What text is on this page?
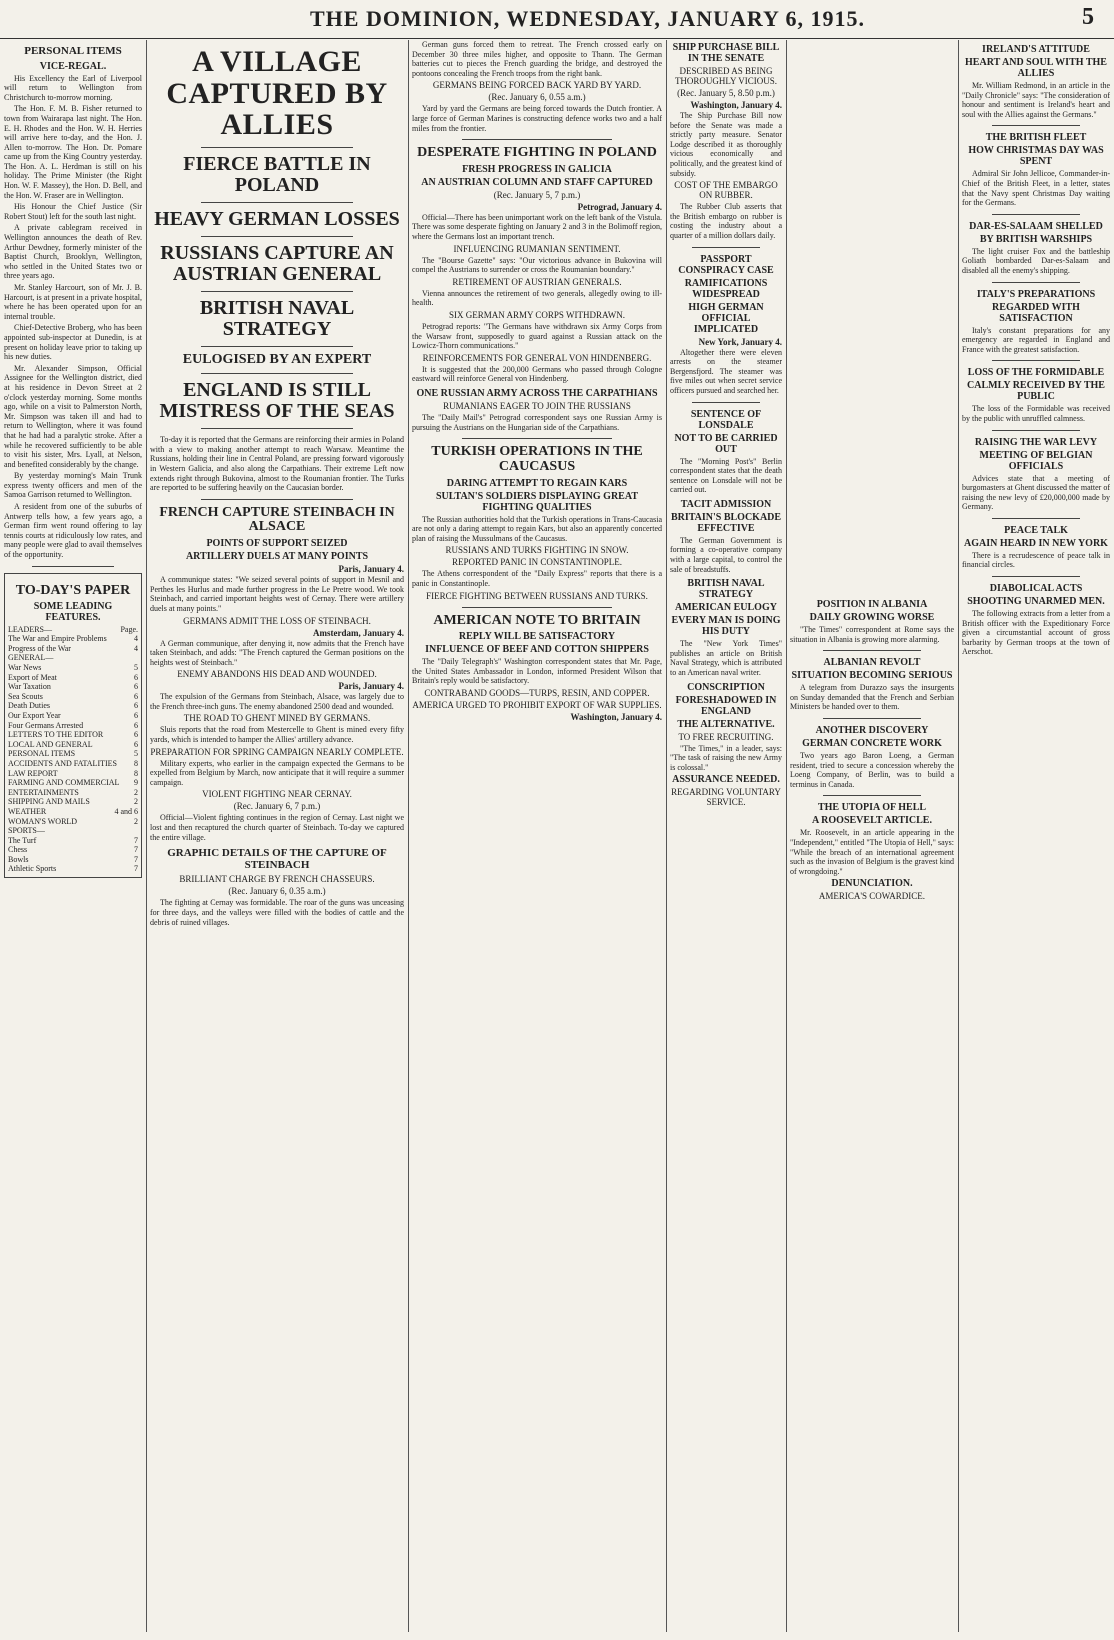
THE DOMINION, WEDNESDAY, JANUARY 6, 1915.	5
PERSONAL ITEMS
VICE-REGAL.

His Excellency the Earl of Liverpool will return to Wellington from Christchurch to-morrow morning.

The Hon. F. M. B. Fisher returned to town from Wairarapa last night. The Hon. E. H. Rhodes and the Hon. W. H. Herries will arrive here to-day, and the Hon. J. Allen to-morrow. The Hon. Dr. Pomare came up from the King Country yesterday. The Hon. A. L. Herdman is still on his holiday. The Prime Minister (the Right Hon. W. F. Massey), the Hon. D. Bell, and the Hon. W. Fraser are in Wellington.

His Honour the Chief Justice (Sir Robert Stout) left for the south last night.

A private cablegram received in Wellington announces the death of Rev. Arthur Dewdney, formerly minister of the Baptist Church, Brooklyn, Wellington, who settled in the United States two or three years ago.

Mr. Stanley Harcourt, son of Mr. J. B. Harcourt, is at present in a private hospital, where he has been operated upon for an internal trouble.

Chief-Detective Broberg, who has been appointed sub-inspector at Dunedin, is at present on holiday leave prior to taking up his new duties.

Mr. Alexander Simpson, Official Assignee for the Wellington district, died at his residence in Devon Street at 2 o'clock yesterday morning. Some months ago, while on a visit to Palmerston North, Mr. Simpson was taken ill and had to return to Wellington, where it was found that he had had a paralytic stroke. After a while he recovered sufficiently to be able to visit his sister, Mrs. Lyall, at Nelson, and benefited considerably by the change.

By yesterday morning's Main Trunk express twenty officers and men of the Samoa Garrison returned to Wellington.

A resident from one of the suburbs of Antwerp tells how, a few years ago, a German firm went round offering to lay tennis courts at ridiculously low rates, and many people were glad to avail themselves of the opportunity.

TO-DAY'S PAPER
SOME LEADING FEATURES.
LEADERS—	Page.
The War and Empire Problems	4
Progress of the War	4
GENERAL—
War News	5
Export of Meat	6
War Taxation	6
Sea Scouts	6
Death Duties	6
Our Export Year	6
Four Germans Arrested	6
LETTERS TO THE EDITOR	6
LOCAL AND GENERAL	6
PERSONAL ITEMS	5
ACCIDENTS AND FATALITIES 8
LAW REPORT	8
FARMING AND COMMERCIAL 9
ENTERTAINMENTS	2
SHIPPING AND MAILS	2
WEATHER	4 and 6
WOMAN'S WORLD	2
SPORTS—
The Turf	7
Chess	7
Bowls	7
Athletic Sports	7
A VILLAGE CAPTURED BY ALLIES
FIERCE BATTLE IN POLAND
HEAVY GERMAN LOSSES
RUSSIANS CAPTURE AN AUSTRIAN GENERAL
BRITISH NAVAL STRATEGY
EULOGISED BY AN EXPERT
ENGLAND IS STILL MISTRESS OF THE SEAS

To-day it is reported that the Germans are reinforcing their armies in Poland with a view to making another attempt to reach Warsaw. Meantime the Russians, holding their line in Central Poland, are pressing forward vigorously in Western Galicia, and also along the Carpathians. Their extreme Left now extends right through Bukovina, almost to the Roumanian frontier. The Turks are reported to be suffering heavily on the Caucasian border.

FRENCH CAPTURE STEINBACH IN ALSACE
POINTS OF SUPPORT SEIZED
ARTILLERY DUELS AT MANY POINTS
Paris, January 4.

A communique states: "We seized several points of support in Mesnil and Perthes les Hurlus and made further progress in the Le Pretre wood. We took Steinbach, and carried important heights west of Cernay. There were artillery duels at many points."

GERMANS ADMIT THE LOSS OF STEINBACH.
Amsterdam, January 4.

A German communique, after denying it, now admits that the French have taken Steinbach, and adds: "The French captured the German positions on the heights west of Steinbach."

ENEMY ABANDONS HIS DEAD AND WOUNDED.
Paris, January 4.

The expulsion of the Germans from Steinbach, Alsace, was largely due to the French three-inch guns. The enemy abandoned 2500 dead and wounded.

THE ROAD TO GHENT MINED BY GERMANS.

Sluis reports that the road from Mestercelle to Ghent is mined every fifty yards, which is intended to hamper the Allies' artillery advance.

PREPARATION FOR SPRING CAMPAIGN NEARLY COMPLETE.

Military experts, who earlier in the campaign expected the Germans to be expelled from Belgium by March, now anticipate that it will require a summer campaign.

VIOLENT FIGHTING NEAR CERNAY.
(Rec. January 6, 7 p.m.)

Official—Violent fighting continues in the region of Cernay. Last night we lost and then recaptured the church quarter of Steinbach. To-day we captured the entire village.

GRAPHIC DETAILS OF THE CAPTURE OF STEINBACH
BRILLIANT CHARGE BY FRENCH CHASSEURS.
(Rec. January 6, 0.35 a.m.)

The fighting at Cernay was formidable. The roar of the guns was unceasing for three days, and the valleys were filled with the bodies of cattle and the debris of ruined villages.

German guns forced them to retreat. The French crossed early on December 30 three miles higher, and opposite to Thann. The German batteries cut to pieces the French guarding the bridge, and destroyed the pontoons concealing the French troops from the right bank.

GERMANS BEING FORCED BACK YARD BY YARD.
(Rec. January 6, 0.55 a.m.)

Yard by yard the Germans are being forced towards the Dutch frontier. A large force of German Marines is constructing defence works two and a half miles from the frontier.

DESPERATE FIGHTING IN POLAND
FRESH PROGRESS IN GALICIA
AN AUSTRIAN COLUMN AND STAFF CAPTURED
(Rec. January 5, 7 p.m.)
Petrograd, January 4.

Official—There has been unimportant work on the left bank of the Vistula. There was some desperate fighting on January 2 and 3 in the Bolimoff region, where the Germans lost an important trench.

INFLUENCING RUMANIAN SENTIMENT.

The "Bourse Gazette" says: "Our victorious advance in Bukovina will compel the Austrians to surrender or cross the Roumanian boundary."

RETIREMENT OF AUSTRIAN GENERALS.

Vienna announces the retirement of two generals, allegedly owing to ill-health.

SIX GERMAN ARMY CORPS WITHDRAWN.

Petrograd reports: "The Germans have withdrawn six Army Corps from the Warsaw front, supposedly to guard against a Russian attack on the Lowicz-Thorn communications."

REINFORCEMENTS FOR GENERAL VON HINDENBERG.

It is suggested that the 200,000 Germans who passed through Cologne eastward will reinforce General von Hindenberg.

ONE RUSSIAN ARMY ACROSS THE CARPATHIANS
RUMANIANS EAGER TO JOIN THE RUSSIANS

The "Daily Mail's" Petrograd correspondent says one Russian Army is pursuing the Austrians on the Hungarian side of the Carpathians.

TURKISH OPERATIONS IN THE CAUCASUS
DARING ATTEMPT TO REGAIN KARS
SULTAN'S SOLDIERS DISPLAYING GREAT FIGHTING QUALITIES

The Russian authorities hold that the Turkish operations in Trans-Caucasia are not only a daring attempt to regain Kars, but also an apparently concerted plan of raising the Mussulmans of the Caucasus.

RUSSIANS AND TURKS FIGHTING IN SNOW.
REPORTED PANIC IN CONSTANTINOPLE.

The Athens correspondent of the "Daily Express" reports that there is a panic in Constantinople.

FIERCE FIGHTING BETWEEN RUSSIANS AND TURKS.
AMERICAN NOTE TO BRITAIN
REPLY WILL BE SATISFACTORY
INFLUENCE OF BEEF AND COTTON SHIPPERS

The "Daily Telegraph's" Washington correspondent states that Mr. Page, the United States Ambassador in London, informed President Wilson that Britain's reply would be satisfactory.

CONTRABAND GOODS—TURPS, RESIN, AND COPPER.
AMERICA URGED TO PROHIBIT EXPORT OF WAR SUPPLIES.
Washington, January 4.
SHIP PURCHASE BILL IN THE SENATE
DESCRIBED AS BEING THOROUGHLY VICIOUS.
(Rec. January 5, 8.50 p.m.)
Washington, January 4.

The Ship Purchase Bill now before the Senate was made a strictly party measure. Senator Lodge described it as thoroughly vicious economically and politically, and the greatest kind of subsidy.

COST OF THE EMBARGO ON RUBBER.

The Rubber Club asserts that the British embargo on rubber is costing the industry about a quarter of a million dollars daily.

PASSPORT CONSPIRACY CASE
RAMIFICATIONS WIDESPREAD
HIGH GERMAN OFFICIAL IMPLICATED
New York, January 4.

Altogether there were eleven arrests on the steamer Bergensfjord. The steamer was five miles out when secret service officers pursued and searched her.

SENTENCE OF LONSDALE
NOT TO BE CARRIED OUT

The "Morning Post's" Berlin correspondent states that the death sentence on Lonsdale will not be carried out.

TACIT ADMISSION
BRITAIN'S BLOCKADE EFFECTIVE

The German Government is forming a co-operative company with a large capital, to control the sale of breadstuffs.

BRITISH NAVAL STRATEGY
AMERICAN EULOGY
EVERY MAN IS DOING HIS DUTY

The "New York Times" publishes an article on British Naval Strategy, which is attributed to an American naval writer.

CONSCRIPTION
FORESHADOWED IN ENGLAND
THE ALTERNATIVE.
TO FREE RECRUITING.

"The Times," in a leader, says: "The task of raising the new Army is colossal."

ASSURANCE NEEDED.
REGARDING VOLUNTARY SERVICE.
POSITION IN ALBANIA
DAILY GROWING WORSE

"The Times" correspondent at Rome says the situation in Albania is growing more alarming.

ALBANIAN REVOLT
SITUATION BECOMING SERIOUS

A telegram from Durazzo says the insurgents on Sunday demanded that the French and Serbian Ministers be handed over to them.

ANOTHER DISCOVERY
GERMAN CONCRETE WORK

Two years ago Baron Loeng, a German resident, tried to secure a concession whereby the Loeng Company, of Berlin, was to build a terminus in Canada.

THE UTOPIA OF HELL
A ROOSEVELT ARTICLE.

Mr. Roosevelt, in an article appearing in the "Independent," entitled "The Utopia of Hell," says: "While the breach of an international agreement such as the invasion of Belgium is the gravest kind of wrongdoing."

DENUNCIATION.
AMERICA'S COWARDICE.
IRELAND'S ATTITUDE
HEART AND SOUL WITH THE ALLIES

Mr. William Redmond, in an article in the "Daily Chronicle" says: "The consideration of honour and sentiment is Ireland's heart and soul with the Allies against the Germans."

THE BRITISH FLEET
HOW CHRISTMAS DAY WAS SPENT

Admiral Sir John Jellicoe, Commander-in-Chief of the British Fleet, in a letter, states that the Navy spent Christmas Day waiting for the Germans.

DAR-ES-SALAAM SHELLED
BY BRITISH WARSHIPS

The light cruiser Fox and the battleship Goliath bombarded Dar-es-Salaam and disabled all the enemy's shipping.

ITALY'S PREPARATIONS
REGARDED WITH SATISFACTION

Italy's constant preparations for any emergency are regarded in England and France with the greatest satisfaction.

LOSS OF THE FORMIDABLE
CALMLY RECEIVED BY THE PUBLIC

The loss of the Formidable was received by the public with unruffled calmness.

RAISING THE WAR LEVY
MEETING OF BELGIAN OFFICIALS

Advices state that a meeting of burgomasters at Ghent discussed the matter of raising the new levy of £20,000,000 made by Germany.

PEACE TALK
AGAIN HEARD IN NEW YORK

There is a recrudescence of peace talk in financial circles.

DIABOLICAL ACTS
SHOOTING UNARMED MEN.

The following extracts from a letter from a British officer with the Expeditionary Force given a circumstantial account of gross barbarity by German troops at the town of Aerschot.
